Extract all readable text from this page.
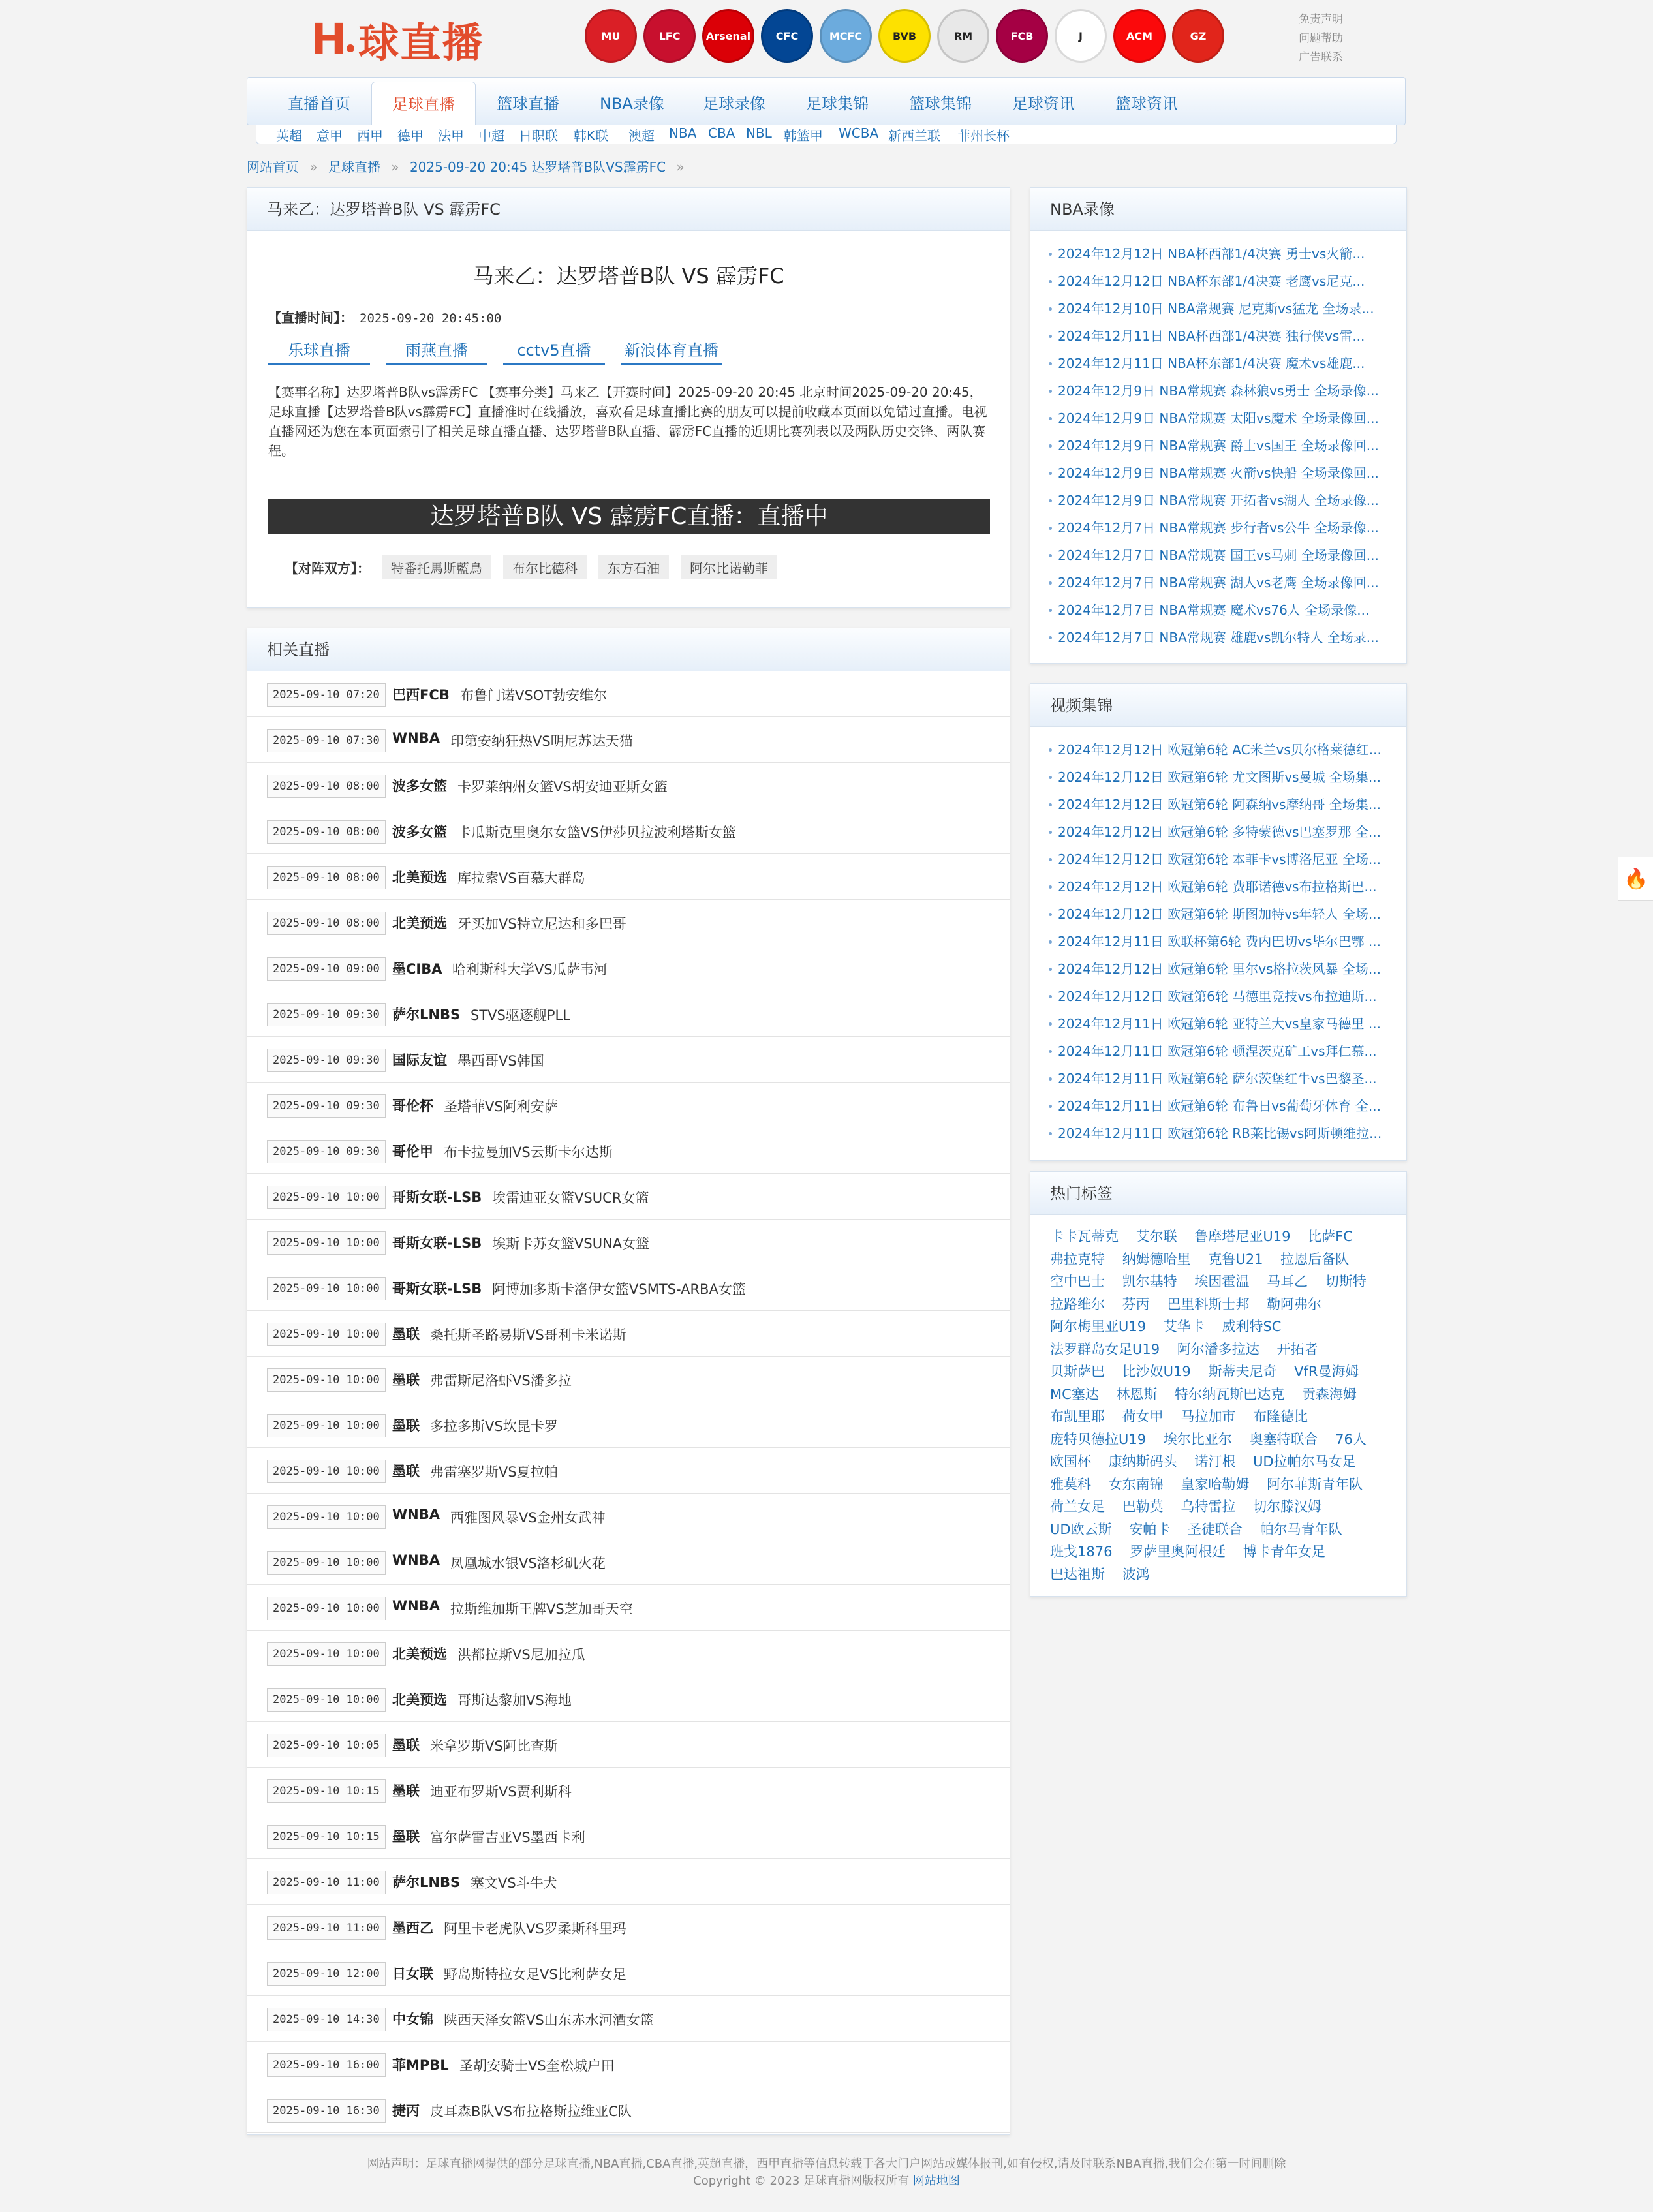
H 球直播	MU	LFC	Arsenal	CFC	MCFC	BVB	RM	FCB	J	ACM	GZ
免责声明
问题帮助
广告联系
直播首页	足球直播	篮球直播	NBA录像 足球录像	足球集锦	篮球集锦	足球资讯	篮球资讯
英超 意甲 西甲 德甲 法甲 中超 日职联 韩K联 澳超 NBA CBA NBL 韩篮甲 WCBA 新西兰联 菲州长杯
网站首页 » 足球直播 » 2025-09-20 20:45 达罗塔普B队VS霹雳FC »
马来乙：达罗塔普B队 VS 霹雳FC
马来乙：达罗塔普B队 VS 霹雳FC
【直播时间】： 2025-09-20 20:45:00
乐球直播	雨燕直播	cctv5直播	新浪体育直播
【赛事名称】达罗塔普B队vs霹雳FC 【赛事分类】马来乙【开赛时间】2025-09-20 20:45 北京时间2025-09-20 20:45，足球直播【达罗塔普B队vs霹雳FC】直播准时在线播放，喜欢看足球直播比赛的朋友可以提前收藏本页面以免错过直播。电视直播网还为您在本页面索引了相关足球直播直播、达罗塔普B队直播、霹雳FC直播的近期比赛列表以及两队历史交锋、两队赛程。
达罗塔普B队 VS 霹雳FC直播：直播中
【对阵双方】：	特番托馬斯藍鳥	布尔比德科	东方石油	阿尔比诺勒菲
相关直播
2025-09-10 07:20 巴西FCB 布鲁门诺VSOT勃安维尔
2025-09-10 07:30 WNBA 印第安纳狂热VS明尼苏达天猫
2025-09-10 08:00 波多女篮 卡罗莱纳州女篮VS胡安迪亚斯女篮
2025-09-10 08:00 波多女篮 卡瓜斯克里奥尔女篮VS伊莎贝拉波利塔斯女篮
2025-09-10 08:00 北美预选 库拉索VS百慕大群岛
2025-09-10 08:00 北美预选 牙买加VS特立尼达和多巴哥
2025-09-10 09:00 墨CIBA 哈利斯科大学VS瓜萨韦河
2025-09-10 09:30 萨尔LNBS STVS驱逐舰PLL
2025-09-10 09:30 国际友谊 墨西哥VS韩国
2025-09-10 09:30 哥伦杯 圣塔菲VS阿利安萨
2025-09-10 09:30 哥伦甲 布卡拉曼加VS云斯卡尔达斯
2025-09-10 10:00 哥斯女联-LSB 埃雷迪亚女篮VSUCR女篮
2025-09-10 10:00 哥斯女联-LSB 埃斯卡苏女篮VSUNA女篮
2025-09-10 10:00 哥斯女联-LSB 阿博加多斯卡洛伊女篮VSMTS-ARBA女篮
2025-09-10 10:00 墨联 桑托斯圣路易斯VS哥利卡米诺斯
2025-09-10 10:00 墨联 弗雷斯尼洛虾VS潘多拉
2025-09-10 10:00 墨联 多拉多斯VS坎昆卡罗
2025-09-10 10:00 墨联 弗雷塞罗斯VS夏拉帕
2025-09-10 10:00 WNBA 西雅图风暴VS金州女武神
2025-09-10 10:00 WNBA 凤凰城水银VS洛杉矶火花
2025-09-10 10:00 WNBA 拉斯维加斯王牌VS芝加哥天空
2025-09-10 10:00 北美预选 洪都拉斯VS尼加拉瓜
2025-09-10 10:00 北美预选 哥斯达黎加VS海地
2025-09-10 10:05 墨联 米拿罗斯VS阿比查斯
2025-09-10 10:15 墨联 迪亚布罗斯VS贾利斯科
2025-09-10 10:15 墨联 富尔萨雷吉亚VS墨西卡利
2025-09-10 11:00 萨尔LNBS 塞文VS斗牛犬
2025-09-10 11:00 墨西乙 阿里卡老虎队VS罗柔斯科里玛
2025-09-10 12:00 日女联 野岛斯特拉女足VS比利萨女足
2025-09-10 14:30 中女锦 陕西天泽女篮VS山东赤水河酒女篮
2025-09-10 16:00 菲MPBL 圣胡安骑士VS奎松城户田
2025-09-10 16:30 捷丙 皮耳森B队VS布拉格斯拉维亚C队
NBA录像
2024年12月12日 NBA杯西部1/4决赛 勇士vs火箭...
2024年12月12日 NBA杯东部1/4决赛 老鹰vs尼克...
2024年12月10日 NBA常规赛 尼克斯vs猛龙 全场录...
2024年12月11日 NBA杯西部1/4决赛 独行侠vs雷...
2024年12月11日 NBA杯东部1/4决赛 魔术vs雄鹿...
2024年12月9日 NBA常规赛 森林狼vs勇士 全场录像...
2024年12月9日 NBA常规赛 太阳vs魔术 全场录像回...
2024年12月9日 NBA常规赛 爵士vs国王 全场录像回...
2024年12月9日 NBA常规赛 火箭vs快船 全场录像回...
2024年12月9日 NBA常规赛 开拓者vs湖人 全场录像...
2024年12月7日 NBA常规赛 步行者vs公牛 全场录像...
2024年12月7日 NBA常规赛 国王vs马刺 全场录像回...
2024年12月7日 NBA常规赛 湖人vs老鹰 全场录像回...
2024年12月7日 NBA常规赛 魔术vs76人 全场录像...
2024年12月7日 NBA常规赛 雄鹿vs凯尔特人 全场录...
视频集锦
2024年12月12日 欧冠第6轮 AC米兰vs贝尔格莱德红...
2024年12月12日 欧冠第6轮 尤文图斯vs曼城 全场集...
2024年12月12日 欧冠第6轮 阿森纳vs摩纳哥 全场集...
2024年12月12日 欧冠第6轮 多特蒙德vs巴塞罗那 全...
2024年12月12日 欧冠第6轮 本菲卡vs博洛尼亚 全场...
2024年12月12日 欧冠第6轮 费耶诺德vs布拉格斯巴...
2024年12月12日 欧冠第6轮 斯图加特vs年轻人 全场...
2024年12月11日 欧联杯第6轮 费内巴切vs毕尔巴鄂 ...
2024年12月12日 欧冠第6轮 里尔vs格拉茨风暴 全场...
2024年12月12日 欧冠第6轮 马德里竞技vs布拉迪斯...
2024年12月11日 欧冠第6轮 亚特兰大vs皇家马德里 ...
2024年12月11日 欧冠第6轮 顿涅茨克矿工vs拜仁慕...
2024年12月11日 欧冠第6轮 萨尔茨堡红牛vs巴黎圣...
2024年12月11日 欧冠第6轮 布鲁日vs葡萄牙体育 全...
2024年12月11日 欧冠第6轮 RB莱比锡vs阿斯顿维拉...
热门标签
卡卡瓦蒂克 艾尔联 鲁摩塔尼亚U19 比萨FC 弗拉克特 纳姆德哈里 克鲁U21 拉恩后备队 空中巴士 凯尔基特 埃因霍温 马耳乙 切斯特 拉路维尔 芬丙 巴里科斯士邦 勒阿弗尔 阿尔梅里亚U19 艾华卡 威利特SC 法罗群岛女足U19 阿尔潘多拉达 开拓者 贝斯萨巴 比沙奴U19 斯蒂夫尼奇 VfR曼海姆 MC塞达 林恩斯 特尔纳瓦斯巴达克 贡森海姆 布凯里耶 荷女甲 马拉加市 布隆德比 庞特贝德拉U19 埃尔比亚尔 奥塞特联合 76人 欧国杯 康纳斯码头 诺汀根 UD拉帕尔马女足 雅莫科 女东南锦 皇家哈勒姆 阿尔菲斯青年队 荷兰女足 巴勒莫 乌特雷拉 切尔滕汉姆 UD欧云斯 安帕卡 圣徒联合 帕尔马青年队 班戈1876 罗萨里奥阿根廷 博卡青年女足 巴达祖斯 波鸿
🔥
网站声明：足球直播网提供的部分足球直播,NBA直播,CBA直播,英超直播，西甲直播等信息转载于各大门户网站或媒体报刊,如有侵权,请及时联系NBA直播,我们会在第一时间删除
Copyright © 2023 足球直播网版权所有 网站地图
